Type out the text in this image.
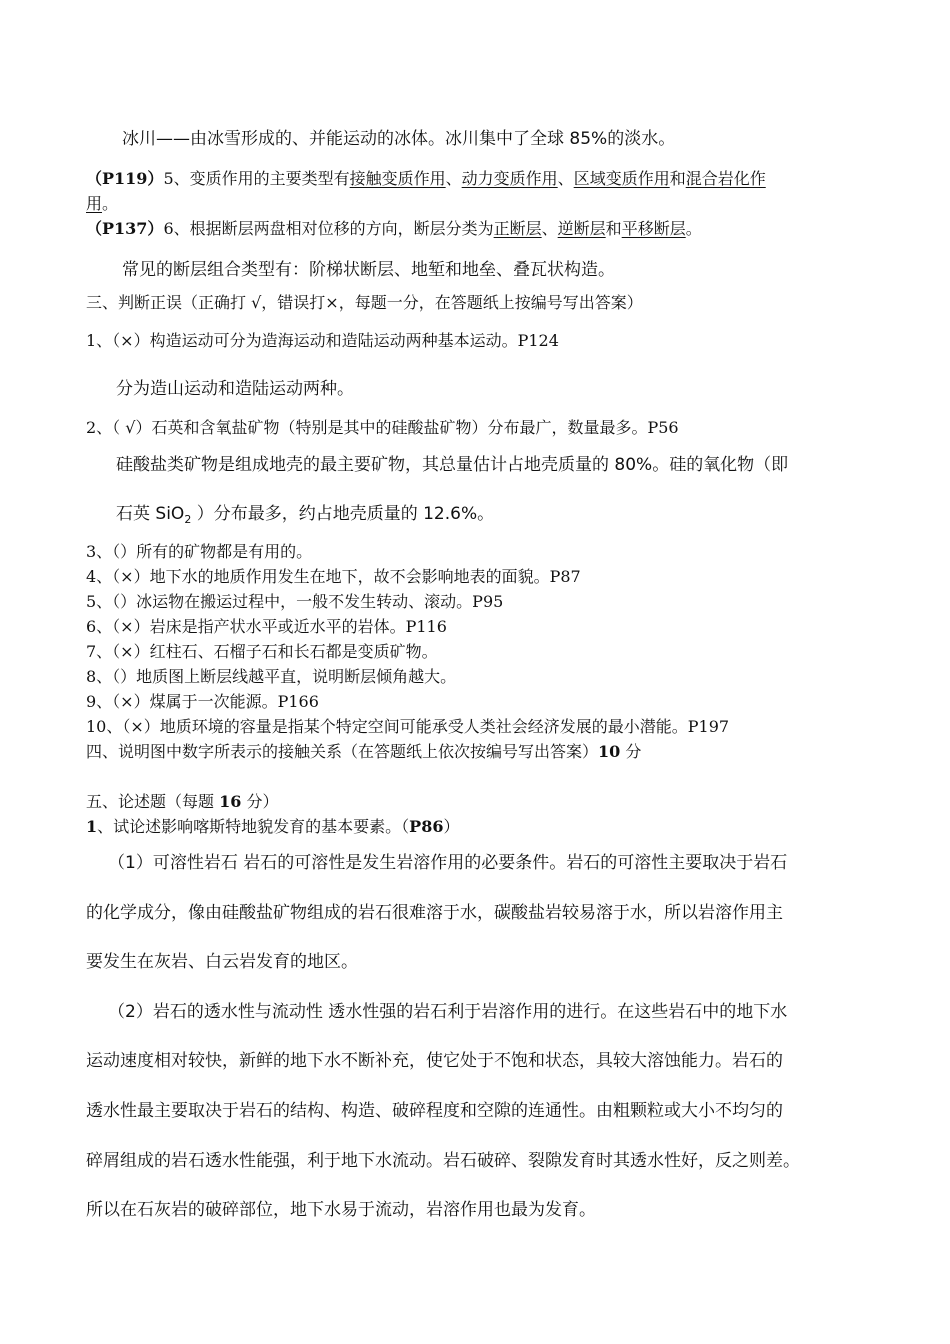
冰川——由冰雪形成的、并能运动的冰体。冰川集中了全球 85%的淡水。
（P119）5、变质作用的主要类型有接触变质作用、动力变质作用、区域变质作用和混合岩化作
用。
（P137）6、根据断层两盘相对位移的方向，断层分类为正断层、逆断层和平移断层。
常见的断层组合类型有：阶梯状断层、地堑和地垒、叠瓦状构造。
三、判断正误（正确打 √，错误打×，每题一分，在答题纸上按编号写出答案）
1、（×）构造运动可分为造海运动和造陆运动两种基本运动。P124
分为造山运动和造陆运动两种。
2、（ √）石英和含氧盐矿物（特别是其中的硅酸盐矿物）分布最广，数量最多。P56
硅酸盐类矿物是组成地壳的最主要矿物，其总量估计占地壳质量的 80%。硅的氧化物（即
石英 SiO$_2$ ）分布最多，约占地壳质量的 12.6%。
3、（）所有的矿物都是有用的。
4、（×）地下水的地质作用发生在地下，故不会影响地表的面貌。P87
5、（）冰运物在搬运过程中，一般不发生转动、滚动。P95
6、（×）岩床是指产状水平或近水平的岩体。P116
7、（×）红柱石、石榴子石和长石都是变质矿物。
8、（）地质图上断层线越平直，说明断层倾角越大。
9、（×）煤属于一次能源。P166
10、（×）地质环境的容量是指某个特定空间可能承受人类社会经济发展的最小潜能。P197
四、说明图中数字所表示的接触关系（在答题纸上依次按编号写出答案）10 分
五、论述题（每题 16 分）
1、试论述影响喀斯特地貌发育的基本要素。（P86）
（1）可溶性岩石 岩石的可溶性是发生岩溶作用的必要条件。岩石的可溶性主要取决于岩石
的化学成分，像由硅酸盐矿物组成的岩石很难溶于水，碳酸盐岩较易溶于水，所以岩溶作用主
要发生在灰岩、白云岩发育的地区。
（2）岩石的透水性与流动性 透水性强的岩石利于岩溶作用的进行。在这些岩石中的地下水
运动速度相对较快，新鲜的地下水不断补充，使它处于不饱和状态，具较大溶蚀能力。岩石的
透水性最主要取决于岩石的结构、构造、破碎程度和空隙的连通性。由粗颗粒或大小不均匀的
碎屑组成的岩石透水性能强，利于地下水流动。岩石破碎、裂隙发育时其透水性好，反之则差。
所以在石灰岩的破碎部位，地下水易于流动，岩溶作用也最为发育。
